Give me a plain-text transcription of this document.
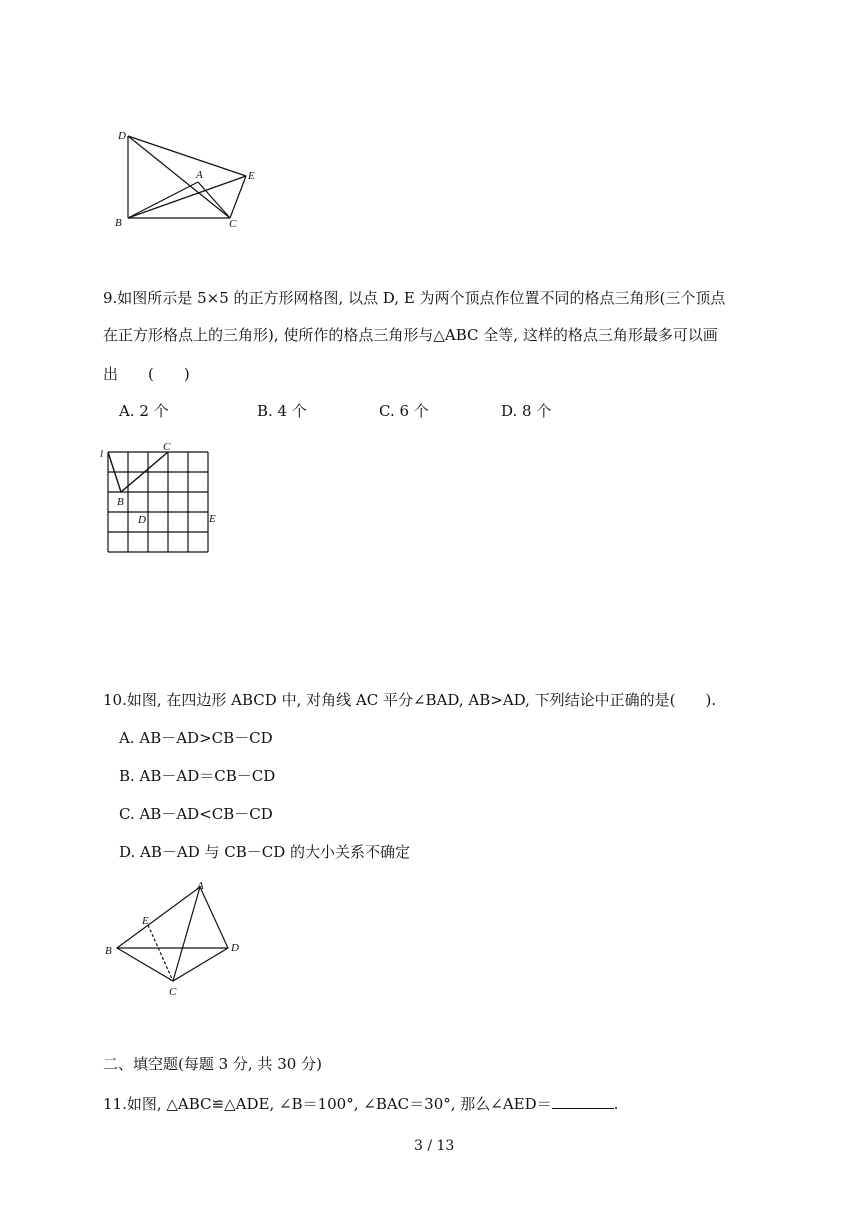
D
A	E
B	C
9.如图所示是 5×5 的正方形网格图, 以点 D, E 为两个顶点作位置不同的格点三角形(三个顶点
在正方形格点上的三角形), 使所作的格点三角形与△ABC 全等, 这样的格点三角形最多可以画
出　　(　　)
A. 2 个	B. 4 个	C. 6 个	D. 8 个
l
C
B
D	E
10.如图, 在四边形 ABCD 中, 对角线 AC 平分∠BAD, AB>AD, 下列结论中正确的是(　　).
A. AB－AD>CB－CD
B. AB－AD＝CB－CD
C. AB－AD<CB－CD
D. AB－AD 与 CB－CD 的大小关系不确定
A
E
B	D
C
二、填空题(每题 3 分, 共 30 分)
11.如图, △ABC≌△ADE, ∠B＝100°, ∠BAC＝30°, 那么∠AED＝	.
3 / 13
